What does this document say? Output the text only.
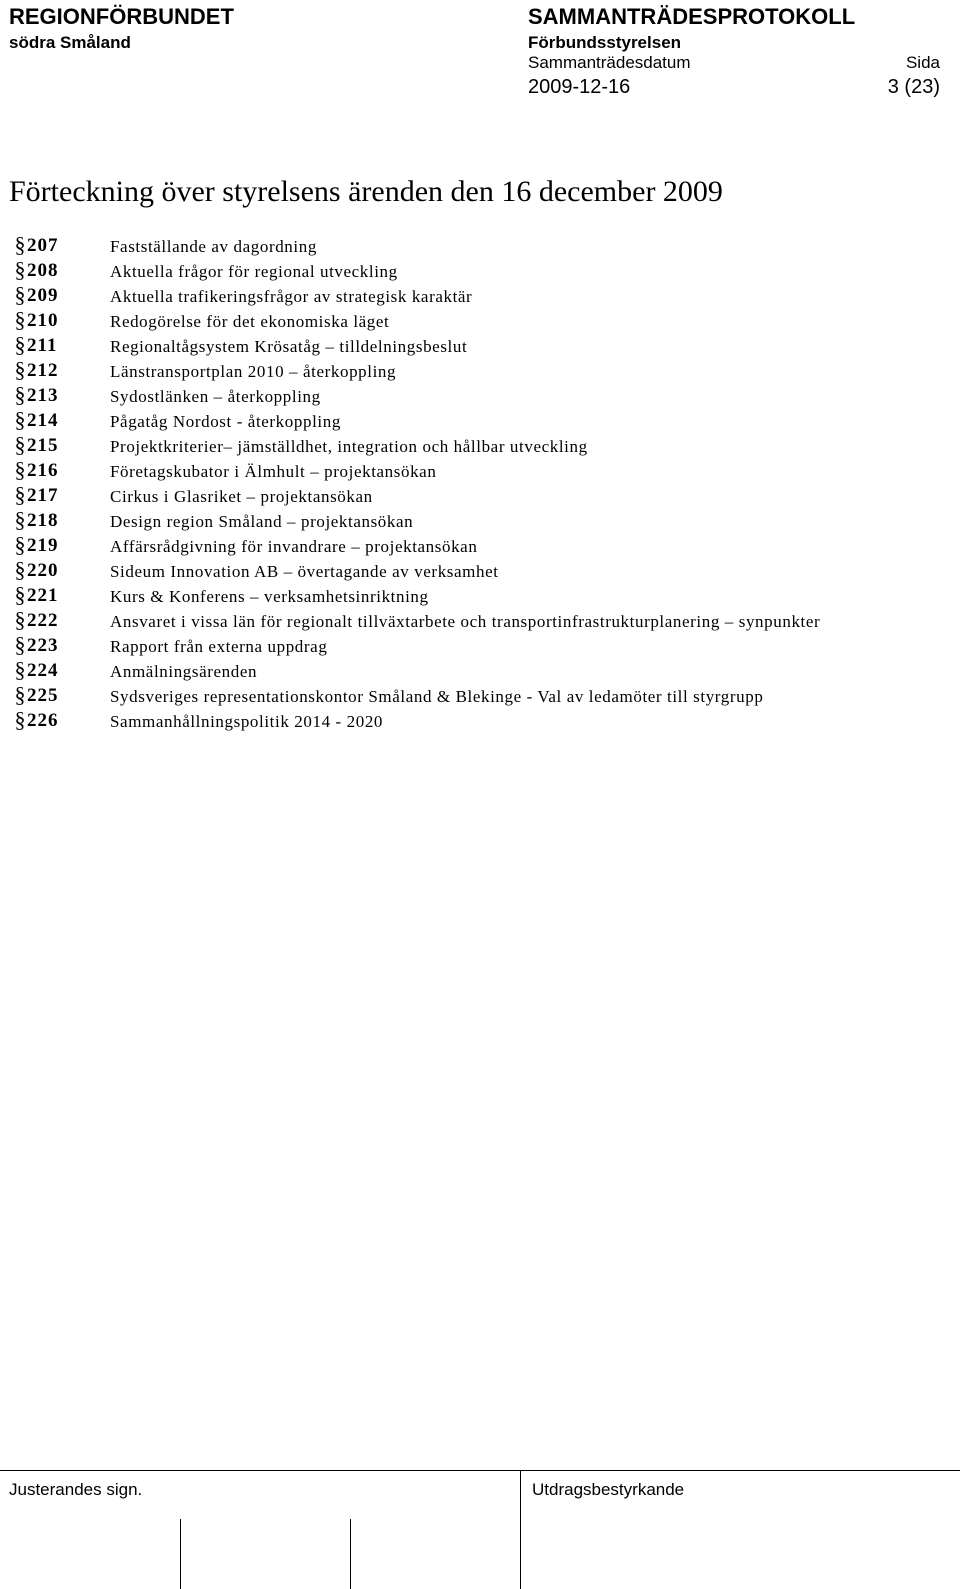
REGIONFÖRBUNDET
södra Småland
SAMMANTRÄDESPROTOKOLL
Förbundsstyrelsen
Sammanträdesdatum	Sida
2009-12-16	3 (23)
Förteckning över styrelsens ärenden den 16 december 2009
§ 207	Fastställande av dagordning
§ 208	Aktuella frågor för regional utveckling
§ 209	Aktuella trafikeringsfrågor av strategisk karaktär
§ 210	Redogörelse för det ekonomiska läget
§ 211	Regionaltågsystem Krösatåg – tilldelningsbeslut
§ 212	Länstransportplan 2010 – återkoppling
§ 213	Sydostlänken – återkoppling
§ 214	Pågatåg Nordost - återkoppling
§ 215	Projektkriterier– jämställdhet, integration och hållbar utveckling
§ 216	Företagskubator i Älmhult – projektansökan
§ 217	Cirkus i Glasriket – projektansökan
§ 218	Design region Småland – projektansökan
§ 219	Affärsrådgivning för invandrare – projektansökan
§ 220	Sideum Innovation AB – övertagande av verksamhet
§ 221	Kurs & Konferens – verksamhetsinriktning
§ 222	Ansvaret i vissa län för regionalt tillväxtarbete och transportinfrastrukturplanering – synpunkter
§ 223	Rapport från externa uppdrag
§ 224	Anmälningsärenden
§ 225	Sydsveriges representationskontor Småland & Blekinge - Val av ledamöter till styrgrupp
§ 226	Sammanhållningspolitik 2014 - 2020
Justerandes sign.	Utdragsbestyrkande
